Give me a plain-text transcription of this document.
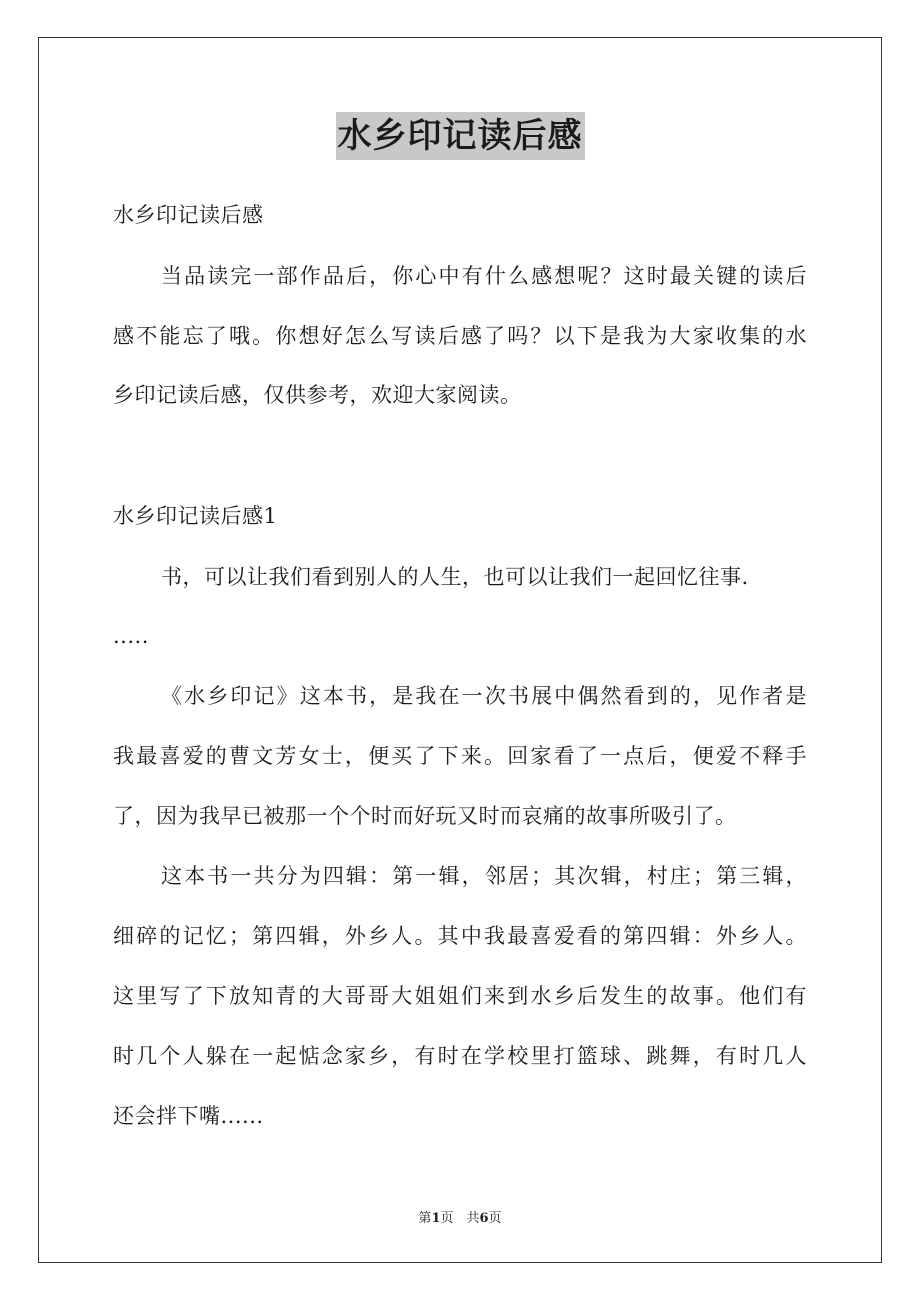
水乡印记读后感
水乡印记读后感
当品读完一部作品后，你心中有什么感想呢？这时最关键的读后
感不能忘了哦。你想好怎么写读后感了吗？以下是我为大家收集的水
乡印记读后感，仅供参考，欢迎大家阅读。
水乡印记读后感1
书，可以让我们看到别人的人生，也可以让我们一起回忆往事.
.....
《水乡印记》这本书，是我在一次书展中偶然看到的，见作者是
我最喜爱的曹文芳女士，便买了下来。回家看了一点后，便爱不释手
了，因为我早已被那一个个时而好玩又时而哀痛的故事所吸引了。
这本书一共分为四辑：第一辑，邻居；其次辑，村庄；第三辑，
细碎的记忆；第四辑，外乡人。其中我最喜爱看的第四辑：外乡人。
这里写了下放知青的大哥哥大姐姐们来到水乡后发生的故事。他们有
时几个人躲在一起惦念家乡，有时在学校里打篮球、跳舞，有时几人
还会拌下嘴......
第1页　共6页
